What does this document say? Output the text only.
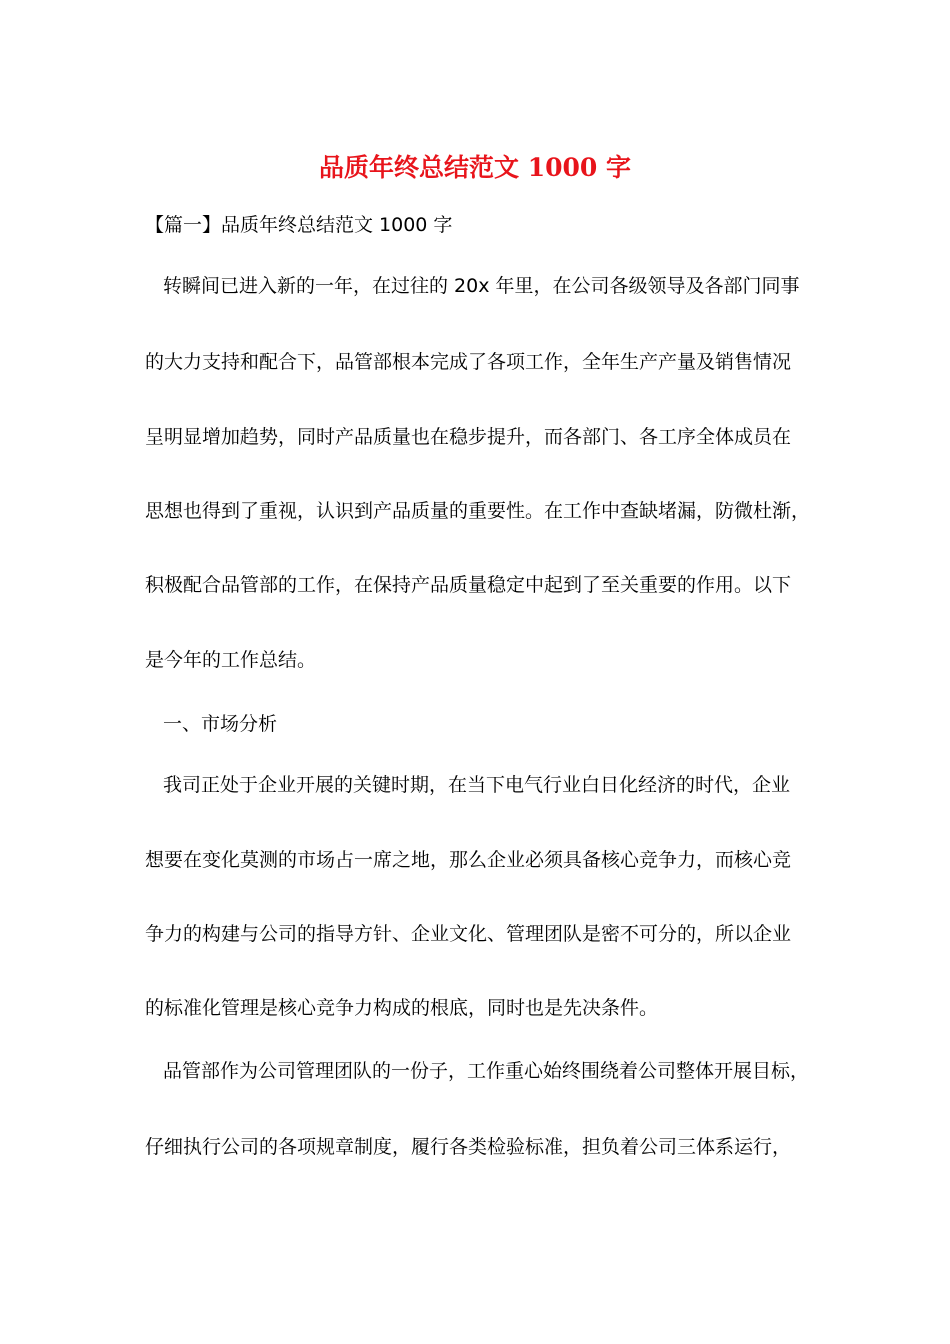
品质年终总结范文 1000 字

【篇一】品质年终总结范文 1000 字

转瞬间已进入新的一年，在过往的 20x 年里，在公司各级领导及各部门同事

的大力支持和配合下，品管部根本完成了各项工作，全年生产产量及销售情况

呈明显增加趋势，同时产品质量也在稳步提升，而各部门、各工序全体成员在

思想也得到了重视，认识到产品质量的重要性。在工作中查缺堵漏，防微杜渐，

积极配合品管部的工作，在保持产品质量稳定中起到了至关重要的作用。以下

是今年的工作总结。

一、市场分析

我司正处于企业开展的关键时期，在当下电气行业白日化经济的时代，企业

想要在变化莫测的市场占一席之地，那么企业必须具备核心竞争力，而核心竞

争力的构建与公司的指导方针、企业文化、管理团队是密不可分的，所以企业

的标准化管理是核心竞争力构成的根底，同时也是先决条件。

品管部作为公司管理团队的一份子，工作重心始终围绕着公司整体开展目标，

仔细执行公司的各项规章制度，履行各类检验标准，担负着公司三体系运行，
